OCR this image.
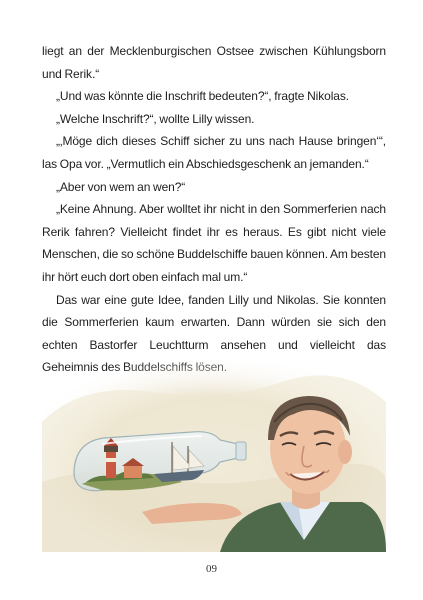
liegt an der Mecklenburgischen Ostsee zwischen Kühlungsborn und Rerik.“

„Und was könnte die Inschrift bedeuten?“, fragte Nikolas.

„Welche Inschrift?“, wollte Lilly wissen.

„‚Möge dich dieses Schiff sicher zu uns nach Hause bringen‘“, las Opa vor. „Vermutlich ein Abschiedsgeschenk an jemanden.“

„Aber von wem an wen?“

„Keine Ahnung. Aber wolltet ihr nicht in den Sommerferien nach Rerik fahren? Vielleicht findet ihr es heraus. Es gibt nicht viele Menschen, die so schöne Buddelschiffe bauen können. Am besten ihr hört euch dort oben einfach mal um.“

Das war eine gute Idee, fanden Lilly und Nikolas. Sie konnten die Sommerferien kaum erwarten. Dann würden sie sich den echten Bastorfer Leuchtturm ansehen und vielleicht das

09
